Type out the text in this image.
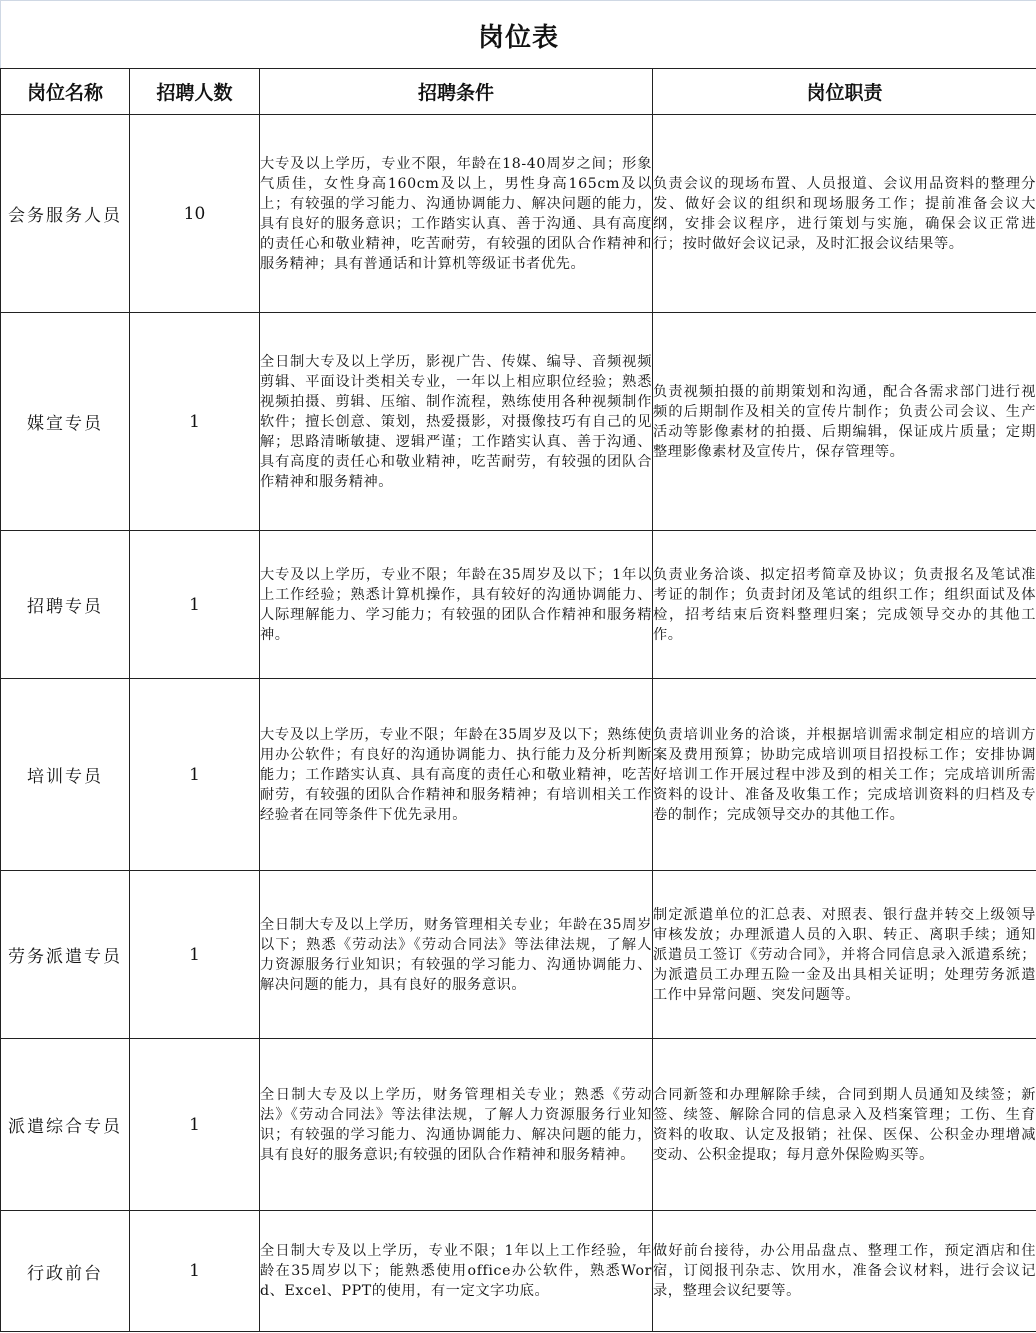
岗位表
岗位名称	招聘人数	招聘条件	岗位职责
会务服务人员	10	大专及以上学历，专业不限，年龄在18-40周岁之间；形象气质佳，女性身高160cm及以上，男性身高165cm及以上；有较强的学习能力、沟通协调能力、解决问题的能力，具有良好的服务意识；工作踏实认真、善于沟通、具有高度的责任心和敬业精神，吃苦耐劳，有较强的团队合作精神和服务精神；具有普通话和计算机等级证书者优先。	负责会议的现场布置、人员报道、会议用品资料的整理分发、做好会议的组织和现场服务工作；提前准备会议大纲，安排会议程序，进行策划与实施，确保会议正常进行；按时做好会议记录，及时汇报会议结果等。
媒宣专员	1	全日制大专及以上学历，影视广告、传媒、编导、音频视频剪辑、平面设计类相关专业，一年以上相应职位经验；熟悉视频拍摄、剪辑、压缩、制作流程，熟练使用各种视频制作软件；擅长创意、策划，热爱摄影，对摄像技巧有自己的见解；思路清晰敏捷、逻辑严谨；工作踏实认真、善于沟通、具有高度的责任心和敬业精神，吃苦耐劳，有较强的团队合作精神和服务精神。	负责视频拍摄的前期策划和沟通，配合各需求部门进行视频的后期制作及相关的宣传片制作；负责公司会议、生产活动等影像素材的拍摄、后期编辑，保证成片质量；定期整理影像素材及宣传片，保存管理等。
招聘专员	1	大专及以上学历，专业不限；年龄在35周岁及以下；1年以上工作经验；熟悉计算机操作，具有较好的沟通协调能力、人际理解能力、学习能力；有较强的团队合作精神和服务精神。	负责业务洽谈、拟定招考简章及协议；负责报名及笔试准考证的制作；负责封闭及笔试的组织工作；组织面试及体检，招考结束后资料整理归案；完成领导交办的其他工作。
培训专员	1	大专及以上学历，专业不限；年龄在35周岁及以下；熟练使用办公软件；有良好的沟通协调能力、执行能力及分析判断能力；工作踏实认真、具有高度的责任心和敬业精神，吃苦耐劳，有较强的团队合作精神和服务精神；有培训相关工作经验者在同等条件下优先录用。	负责培训业务的洽谈，并根据培训需求制定相应的培训方案及费用预算；协助完成培训项目招投标工作；安排协调好培训工作开展过程中涉及到的相关工作；完成培训所需资料的设计、准备及收集工作；完成培训资料的归档及专卷的制作；完成领导交办的其他工作。
劳务派遣专员	1	全日制大专及以上学历，财务管理相关专业；年龄在35周岁以下；熟悉《劳动法》《劳动合同法》等法律法规，了解人力资源服务行业知识；有较强的学习能力、沟通协调能力、解决问题的能力，具有良好的服务意识。	制定派遣单位的汇总表、对照表、银行盘并转交上级领导审核发放；办理派遣人员的入职、转正、离职手续；通知派遣员工签订《劳动合同》，并将合同信息录入派遣系统；为派遣员工办理五险一金及出具相关证明；处理劳务派遣工作中异常问题、突发问题等。
派遣综合专员	1	全日制大专及以上学历，财务管理相关专业；熟悉《劳动法》《劳动合同法》等法律法规，了解人力资源服务行业知识；有较强的学习能力、沟通协调能力、解决问题的能力，具有良好的服务意识;有较强的团队合作精神和服务精神。	合同新签和办理解除手续，合同到期人员通知及续签；新签、续签、解除合同的信息录入及档案管理；工伤、生育资料的收取、认定及报销；社保、医保、公积金办理增减变动、公积金提取；每月意外保险购买等。
行政前台	1	全日制大专及以上学历，专业不限；1年以上工作经验，年龄在35周岁以下；能熟悉使用office办公软件，熟悉Word、Excel、PPT的使用，有一定文字功底。	做好前台接待，办公用品盘点、整理工作，预定酒店和住宿，订阅报刊杂志、饮用水，准备会议材料，进行会议记录，整理会议纪要等。
